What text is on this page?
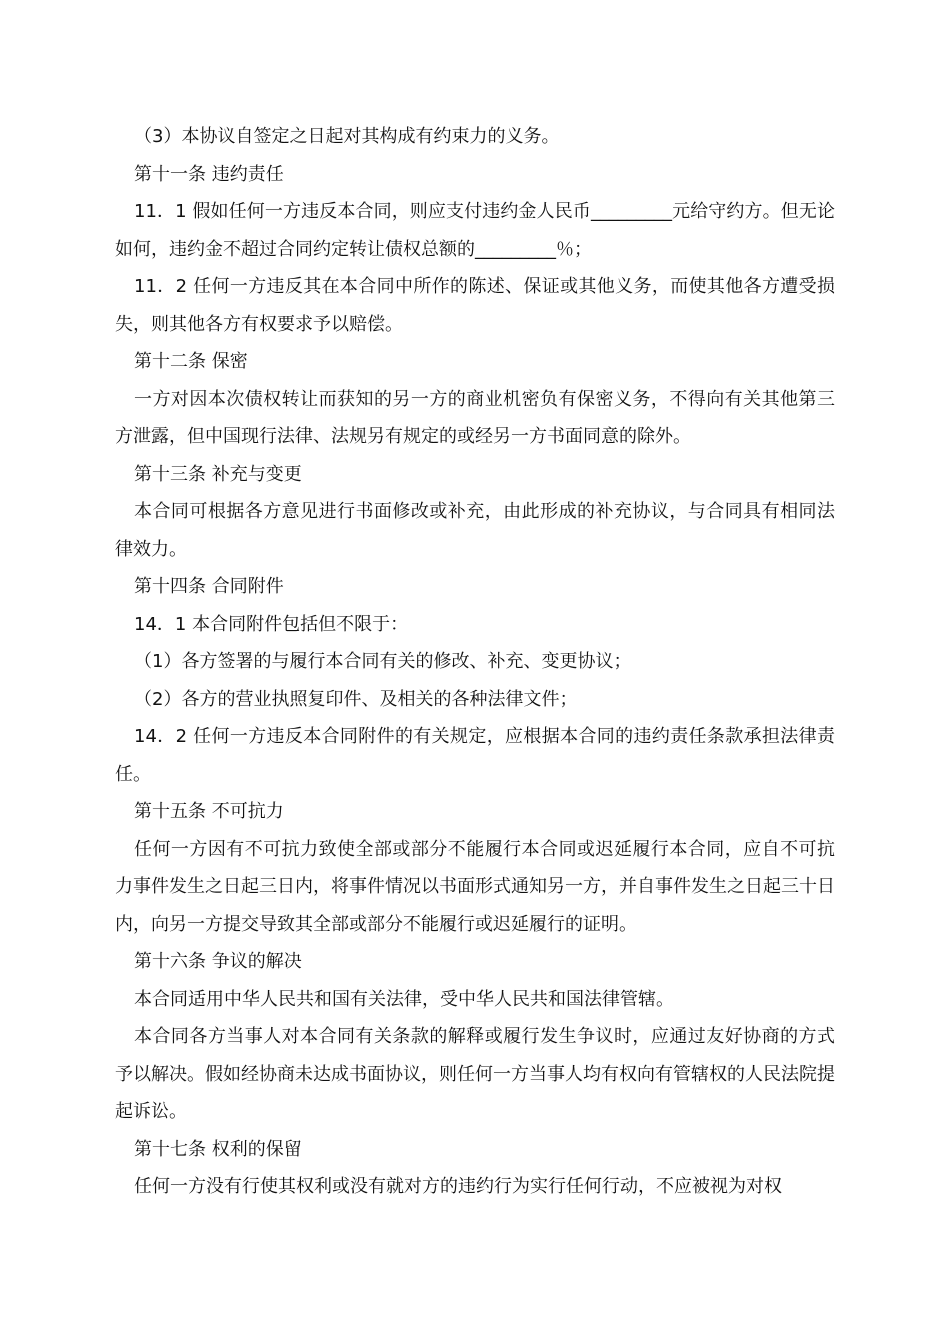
（3）本协议自签定之日起对其构成有约束力的义务。

第十一条 违约责任

11．1 假如任何一方违反本合同，则应支付违约金人民币_________元给守约方。但无论如何，违约金不超过合同约定转让债权总额的_________％；

11．2 任何一方违反其在本合同中所作的陈述、保证或其他义务，而使其他各方遭受损失，则其他各方有权要求予以赔偿。

第十二条 保密

一方对因本次债权转让而获知的另一方的商业机密负有保密义务，不得向有关其他第三方泄露，但中国现行法律、法规另有规定的或经另一方书面同意的除外。

第十三条 补充与变更

本合同可根据各方意见进行书面修改或补充，由此形成的补充协议，与合同具有相同法律效力。

第十四条 合同附件

14．1 本合同附件包括但不限于：

（1）各方签署的与履行本合同有关的修改、补充、变更协议；

（2）各方的营业执照复印件、及相关的各种法律文件；

14．2 任何一方违反本合同附件的有关规定，应根据本合同的违约责任条款承担法律责任。

第十五条 不可抗力

任何一方因有不可抗力致使全部或部分不能履行本合同或迟延履行本合同，应自不可抗力事件发生之日起三日内，将事件情况以书面形式通知另一方，并自事件发生之日起三十日内，向另一方提交导致其全部或部分不能履行或迟延履行的证明。

第十六条 争议的解决

本合同适用中华人民共和国有关法律，受中华人民共和国法律管辖。

本合同各方当事人对本合同有关条款的解释或履行发生争议时，应通过友好协商的方式予以解决。假如经协商未达成书面协议，则任何一方当事人均有权向有管辖权的人民法院提起诉讼。

第十七条 权利的保留

任何一方没有行使其权利或没有就对方的违约行为实行任何行动，不应被视为对权
